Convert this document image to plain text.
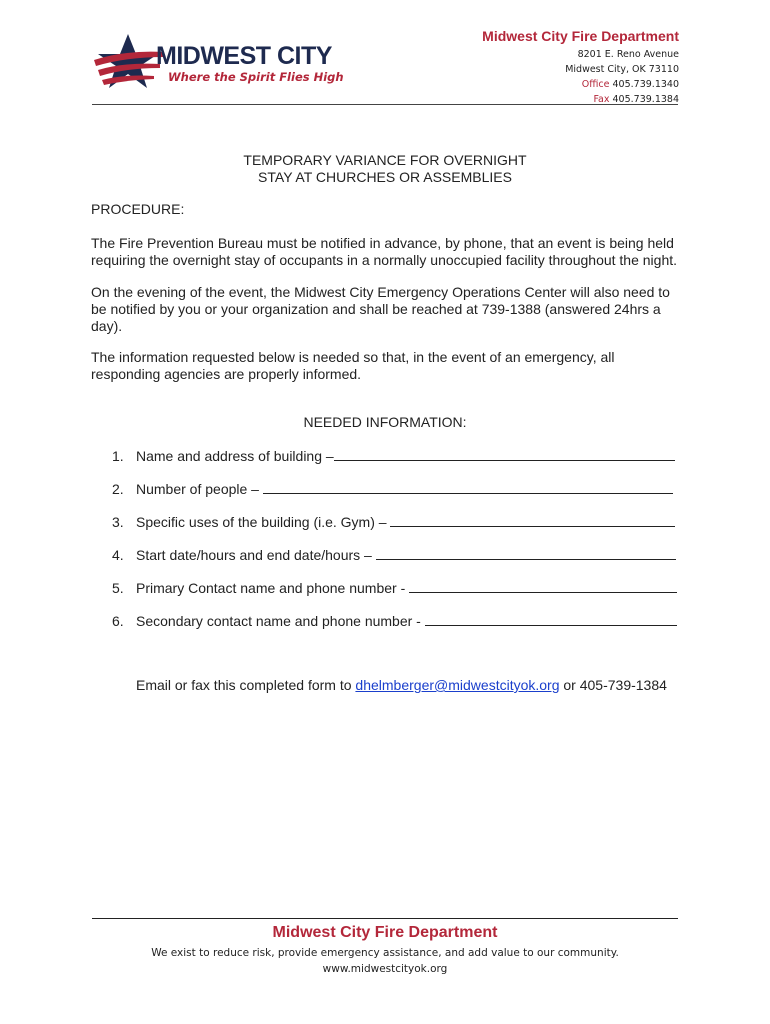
MIDWEST CITY
Where the Spirit Flies High
Midwest City Fire Department
8201 E. Reno Avenue
Midwest City, OK 73110
Office 405.739.1340
Fax 405.739.1384
TEMPORARY VARIANCE FOR OVERNIGHT
STAY AT CHURCHES OR ASSEMBLIES
PROCEDURE:
The Fire Prevention Bureau must be notified in advance, by phone, that an event is being held requiring the overnight stay of occupants in a normally unoccupied facility throughout the night.
On the evening of the event, the Midwest City Emergency Operations Center will also need to be notified by you or your organization and shall be reached at 739-1388 (answered 24hrs a day).
The information requested below is needed so that, in the event of an emergency, all responding agencies are properly informed.
NEEDED INFORMATION:
1. Name and address of building –
2. Number of people –
3. Specific uses of the building (i.e. Gym) –
4. Start date/hours and end date/hours –
5. Primary Contact name and phone number -
6. Secondary contact name and phone number -
Email or fax this completed form to dhelmberger@midwestcityok.org or 405-739-1384
Midwest City Fire Department
We exist to reduce risk, provide emergency assistance, and add value to our community.
www.midwestcityok.org
